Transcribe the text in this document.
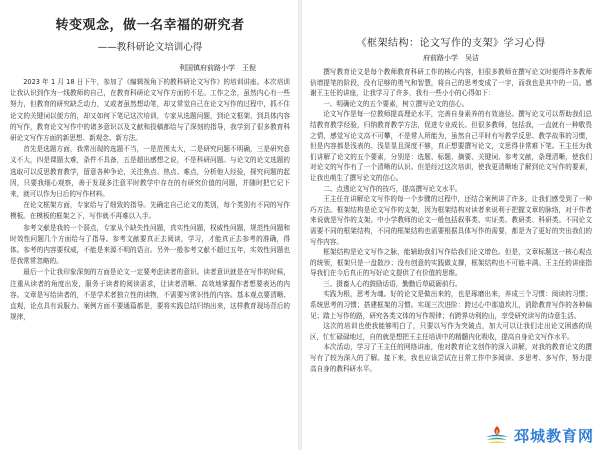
转变观念，做一名幸福的研究者

——教科研论文培训心得

利国镇府前路小学　王倪

2023 年 1 月 18 日下午，参加了《编辑视角下的教科研论文写作》的培训讲座。本次培训让我认识到作为一线教师的自己，在教育科研论文写作方面的不足。工作之余，虽然内心有一些努力，但教育的研究缺乏动力，又或者虽然想动笔，却又常觉自己在论文写作的过程中，抓不住论文的关键词以便方的，却又如何下笔记这次培训，专家从选题问题，到论文框架、到具体内容的写作，教育论文写作中的诸多意识以及文献和投稿都给与了深刻的指导，我学到了很多教育科研论文写作方面的新思想、新观念、新方法。

首先是选题方面，我常出现的选题不当，一是范围太大，二是研究问题不明确，三是研究意义不大，四是课题太难，条件不具备，五是超出感想之说，不是科研问题。与论文的论文选题的选取可以反思教育教学，留意各种争论，关注焦点、热点、难点，分析他人经验，探究问题的起因，只要我细心观察，善于发现多注意平时教学中存在的有研究价值的问题，并随时把它记下来，就可以作为日后的写作材料。

在论文框架方面，专家给与了细致的指导。先确定自己论文的类别，每个类别有不同的写作模板。在模板的框架之下，写作就不再难以入手。

参考文献是我的一个弱点，专家从个缺失性问题，真实性问题，权威性问题，规范性问题和时效性问题几个方面给与了指导。参考文献要真正去阅读，学习，才能真正去参考的准确，得体。参考的内容要权威，不能是来源不明的语言。另外一般参考文献不超过五年，实效性问题也是我常常忽略的。

最后一个让我印象深刻的方面是论文一定要考虑读者的意识。读者意识就是在写作的时候，注重从读者的角度出发，服务于读者的阅读需求，让读者清晰、高效地掌握作者想要表达的内容。文章是写给读者的，不是学术者独立性的读物，不需要写常识性的内容。基本观点要清晰、直观，论点具有说服力。案例方面不要通篇都是，要将实践总结归纳出来，这样教育现场背后的规律，

《框架结构：论文写作的支架》学习心得

府前路小学　吴洁

撰写教育论文是每个教师教育科研工作的核心内容，但很多教师在撰写论文时便得许多教师倍增提笔的阶段，没有足够的勇气和智慧，将自己的思考变成了一字，而我也是其中的一员。感谢王主任的讲座，让我学习了许多，我有一些小小的心得如下：

一、明确论文的五个要素，树立撰写论文的信心。

论文写作是每一位教师提高理论水平，完善自身素养的有效途径。撰写论文可以帮助我们总结教育教学经验，归纳教育教学方法，促进专业成长。但很多教师，包括我，一直就有一种敬畏之情，感觉写论文高不可攀，不是常人所能为，虽然自己平时有写教学反思、教学故事的习惯，但是内容都是浅表的、浅显显且深度不够，真正想要撰写论文，文思得非常难下笔。王主任为我们讲解了论文的五个要素，分别是：选题、标题、摘要、关键词、参考文献，条理清晰，使我们对论文的写作有了一个清晰的认识。但是经过这次培训，使我更清晰地了解到论文写作的要素，让我也萌生了撰写论文的信心。

二、点透论文写作的技巧，提高撰写论文水平。

王主任在讲解论文写作的每一个步骤的过程中，还结合案例讲了许多，让我们感受到了一种巧方法。框架结构是论文写作的支架，因为框架结构对读者来说利于把握文章的脉络，对于作者来说就是写作的支架。中小学教师的论文一般包括叙事类、实证类、教研类、科研类。不同论文需要不同的框架结构，不同的框架结构也需要根据具体写作的需要，都是为了更好的突出我们的写作内容。

框架结构是论文写作之脉，能辅助我们写作给我们论文增色。但是，文章标题这一核心观点的统领，框架只是一盘散沙；没有创意的实践做支撑，框架结构也不可能丰满。王主任的讲座指导我们在今后真正的写好论文提供了有价值的思维。

三、摄畜人心的鼓励话语，勤勤后草砥砺前行。

实践为根，思考为魂。好的论文是做出来的，也是琢磨出来，养成三个习惯：阅读的习惯；系统思考的习惯；搭建框架的习惯。实现三次进阶：跨过心中那道坎儿，消除教育写作的各种偏见；踏上写作的路，研究各类文体的写作规律；有跨界功利的山，享受研究读写的诗意生活。

这次的培训也使我能够明白了，只要以写作为突破点，加大可以让我们走出论文困惑的误区，忙忙碌碌地过，自的就是想把王主任培训中的精髓内化吸收，提高自身论文写作水平。

本次活动，学习了王主任的网络讲座，他对教育论文创作的深入讲解，对我的教育论文的撰写有了较为深入的了解。接下来，我也应该尝试在日常工作中多阅读、多思考、多写作，努力提高自身的教科研水平。

邳城教育网
